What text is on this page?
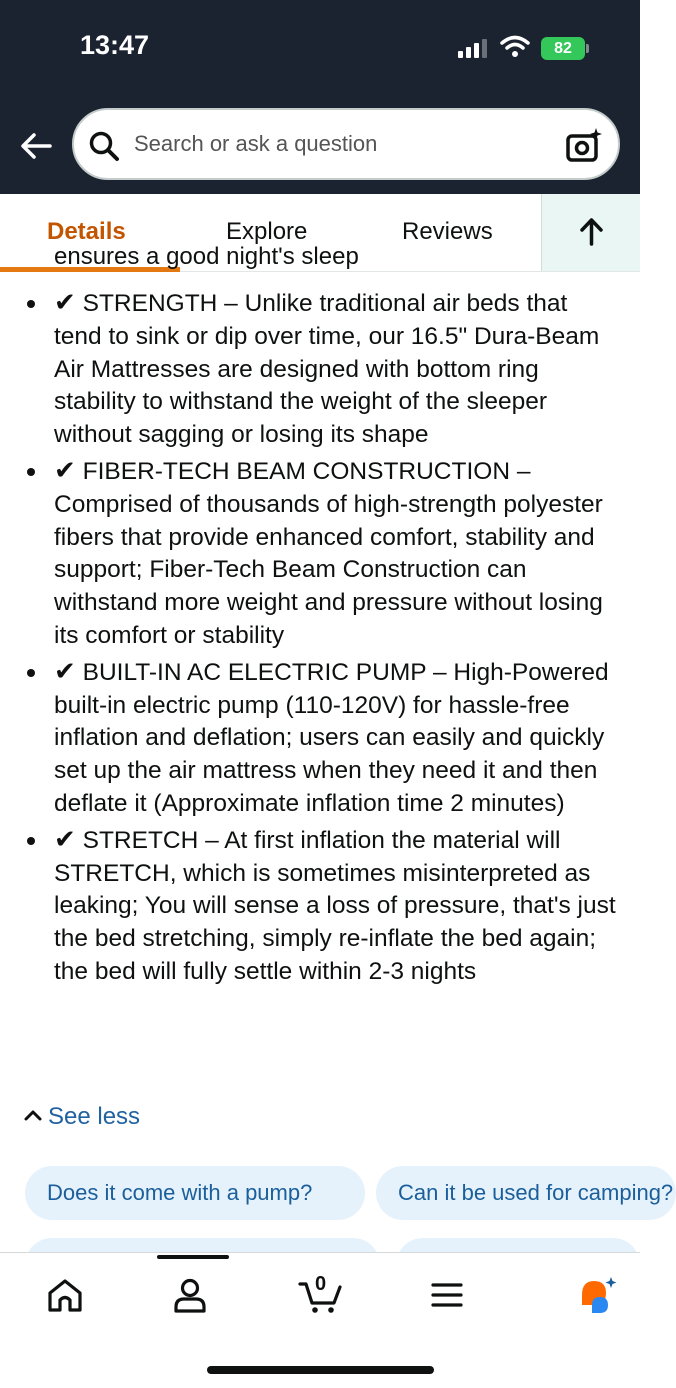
13:47	82
Search or ask a question
Details	Explore	Reviews
ensures a good night's sleep
✔ STRENGTH – Unlike traditional air beds that tend to sink or dip over time, our 16.5" Dura-Beam Air Mattresses are designed with bottom ring stability to withstand the weight of the sleeper without sagging or losing its shape
✔ FIBER-TECH BEAM CONSTRUCTION – Comprised of thousands of high-strength polyester fibers that provide enhanced comfort, stability and support; Fiber-Tech Beam Construction can withstand more weight and pressure without losing its comfort or stability
✔ BUILT-IN AC ELECTRIC PUMP – High-Powered built-in electric pump (110-120V) for hassle-free inflation and deflation; users can easily and quickly set up the air mattress when they need it and then deflate it (Approximate inflation time 2 minutes)
✔ STRETCH – At first inflation the material will STRETCH, which is sometimes misinterpreted as leaking; You will sense a loss of pressure, that's just the bed stretching, simply re-inflate the bed again; the bed will fully settle within 2-3 nights
See less
Does it come with a pump?	Can it be used for camping?
0
